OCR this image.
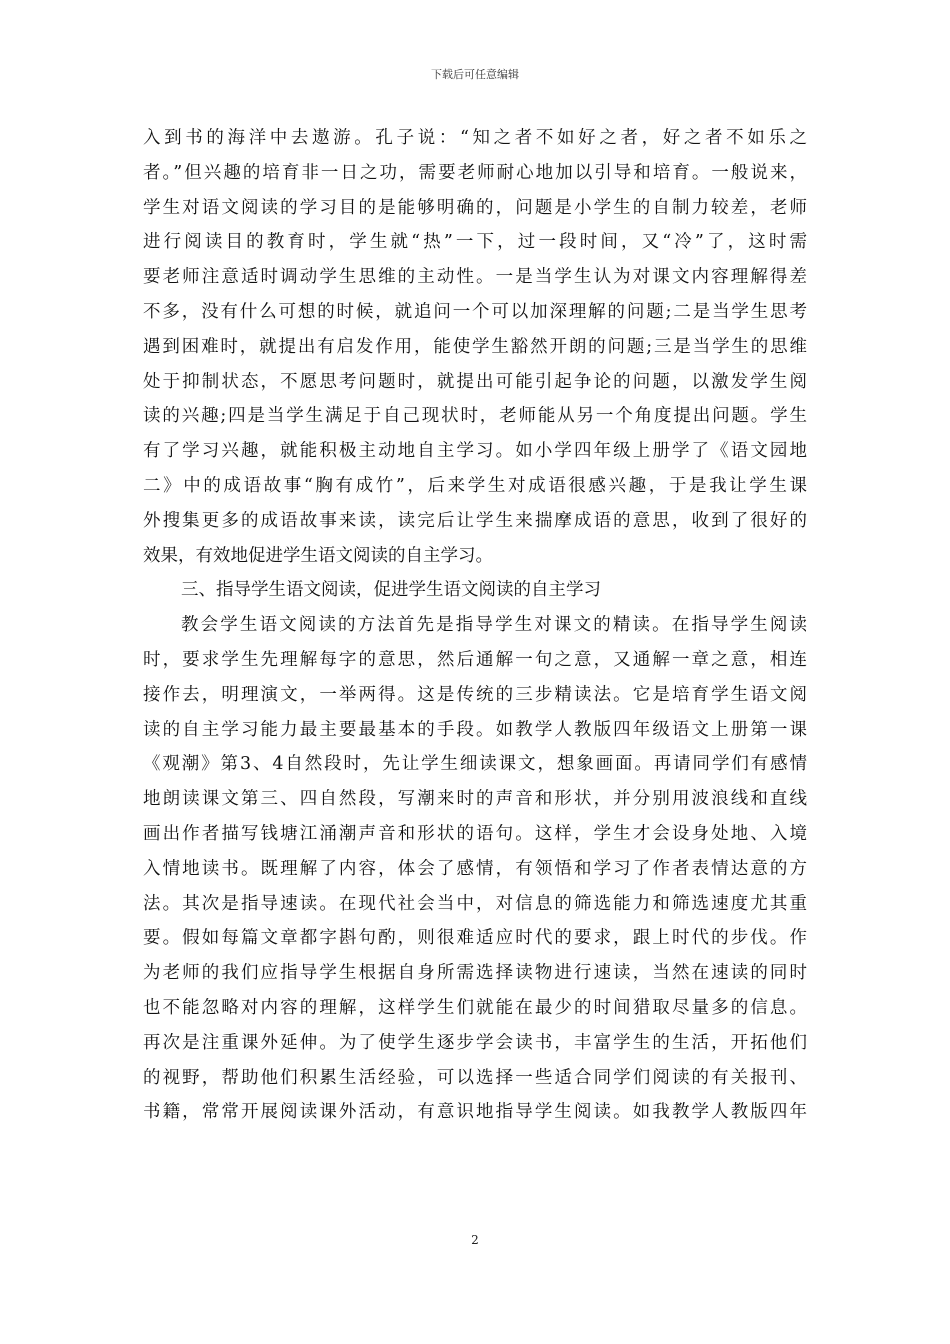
下载后可任意编辑
入到书的海洋中去遨游。孔子说：“知之者不如好之者，好之者不如乐之
者。”但兴趣的培育非一日之功，需要老师耐心地加以引导和培育。一般说来，
学生对语文阅读的学习目的是能够明确的，问题是小学生的自制力较差，老师
进行阅读目的教育时，学生就“热”一下，过一段时间，又“冷”了，这时需
要老师注意适时调动学生思维的主动性。一是当学生认为对课文内容理解得差
不多，没有什么可想的时候，就追问一个可以加深理解的问题;二是当学生思考
遇到困难时，就提出有启发作用，能使学生豁然开朗的问题;三是当学生的思维
处于抑制状态，不愿思考问题时，就提出可能引起争论的问题，以激发学生阅
读的兴趣;四是当学生满足于自己现状时，老师能从另一个角度提出问题。学生
有了学习兴趣，就能积极主动地自主学习。如小学四年级上册学了《语文园地
二》中的成语故事“胸有成竹”，后来学生对成语很感兴趣，于是我让学生课
外搜集更多的成语故事来读，读完后让学生来揣摩成语的意思，收到了很好的
效果，有效地促进学生语文阅读的自主学习。
三、指导学生语文阅读，促进学生语文阅读的自主学习
教会学生语文阅读的方法首先是指导学生对课文的精读。在指导学生阅读
时，要求学生先理解每字的意思，然后通解一句之意，又通解一章之意，相连
接作去，明理演文，一举两得。这是传统的三步精读法。它是培育学生语文阅
读的自主学习能力最主要最基本的手段。如教学人教版四年级语文上册第一课
《观潮》第3、4自然段时，先让学生细读课文，想象画面。再请同学们有感情
地朗读课文第三、四自然段，写潮来时的声音和形状，并分别用波浪线和直线
画出作者描写钱塘江涌潮声音和形状的语句。这样，学生才会设身处地、入境
入情地读书。既理解了内容，体会了感情，有领悟和学习了作者表情达意的方
法。其次是指导速读。在现代社会当中，对信息的筛选能力和筛选速度尤其重
要。假如每篇文章都字斟句酌，则很难适应时代的要求，跟上时代的步伐。作
为老师的我们应指导学生根据自身所需选择读物进行速读，当然在速读的同时
也不能忽略对内容的理解，这样学生们就能在最少的时间猎取尽量多的信息。
再次是注重课外延伸。为了使学生逐步学会读书，丰富学生的生活，开拓他们
的视野，帮助他们积累生活经验，可以选择一些适合同学们阅读的有关报刊、
书籍，常常开展阅读课外活动，有意识地指导学生阅读。如我教学人教版四年
2
